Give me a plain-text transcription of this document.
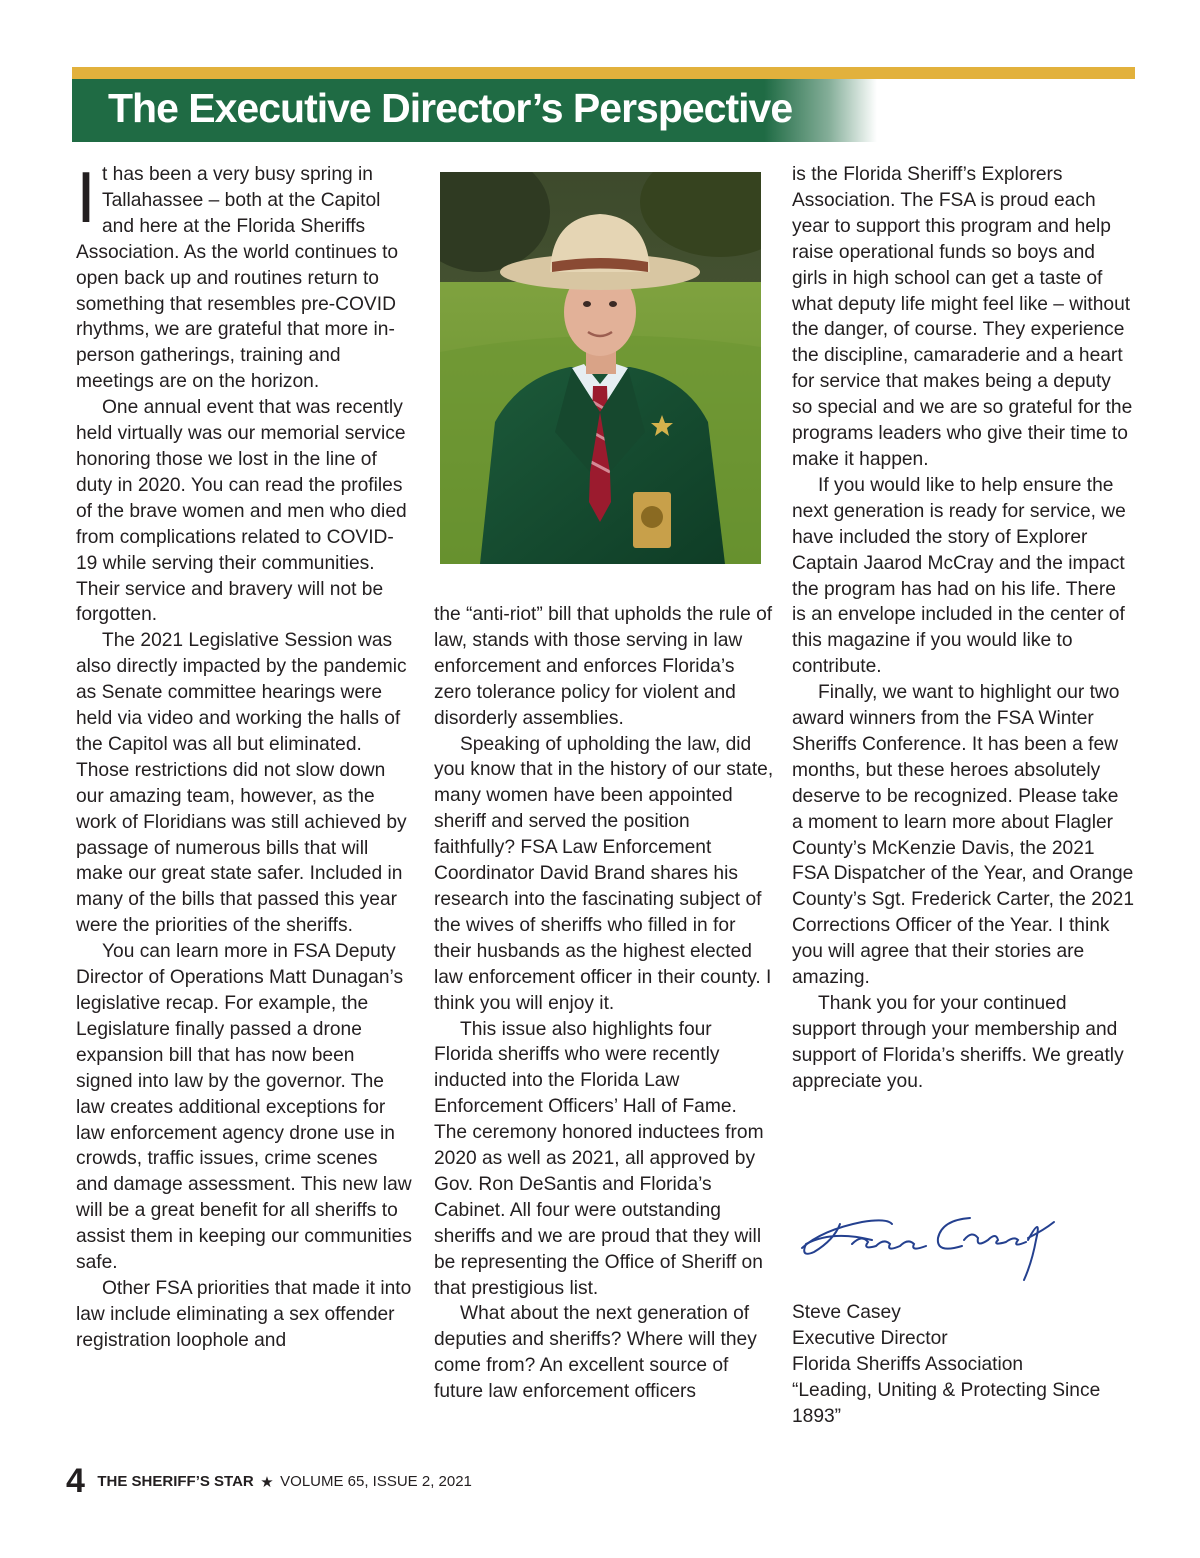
The Executive Director’s Perspective
I t has been a very busy spring in Tallahassee – both at the Capitol and here at the Florida Sheriffs Association. As the world continues to open back up and routines return to something that resembles pre-COVID rhythms, we are grateful that more in-person gatherings, training and meetings are on the horizon.

One annual event that was recently held virtually was our memorial service honoring those we lost in the line of duty in 2020. You can read the profiles of the brave women and men who died from complications related to COVID-19 while serving their communities. Their service and bravery will not be forgotten.

The 2021 Legislative Session was also directly impacted by the pandemic as Senate committee hearings were held via video and working the halls of the Capitol was all but eliminated. Those restrictions did not slow down our amazing team, however, as the work of Floridians was still achieved by passage of numerous bills that will make our great state safer. Included in many of the bills that passed this year were the priorities of the sheriffs.

You can learn more in FSA Deputy Director of Operations Matt Dunagan’s legislative recap. For example, the Legislature finally passed a drone expansion bill that has now been signed into law by the governor. The law creates additional exceptions for law enforcement agency drone use in crowds, traffic issues, crime scenes and damage assessment. This new law will be a great benefit for all sheriffs to assist them in keeping our communities safe.

Other FSA priorities that made it into law include eliminating a sex offender registration loophole and

the “anti-riot” bill that upholds the rule of law, stands with those serving in law enforcement and enforces Florida’s zero tolerance policy for violent and disorderly assemblies.

Speaking of upholding the law, did you know that in the history of our state, many women have been appointed sheriff and served the position faithfully? FSA Law Enforcement Coordinator David Brand shares his research into the fascinating subject of the wives of sheriffs who filled in for their husbands as the highest elected law enforcement officer in their county. I think you will enjoy it.

This issue also highlights four Florida sheriffs who were recently inducted into the Florida Law Enforcement Officers’ Hall of Fame. The ceremony honored inductees from 2020 as well as 2021, all approved by Gov. Ron DeSantis and Florida’s Cabinet. All four were outstanding sheriffs and we are proud that they will be representing the Office of Sheriff on that prestigious list.

What about the next generation of deputies and sheriffs? Where will they come from? An excellent source of future law enforcement officers

is the Florida Sheriff’s Explorers Association. The FSA is proud each year to support this program and help raise operational funds so boys and girls in high school can get a taste of what deputy life might feel like – without the danger, of course. They experience the discipline, camaraderie and a heart for service that makes being a deputy so special and we are so grateful for the programs leaders who give their time to make it happen.

If you would like to help ensure the next generation is ready for service, we have included the story of Explorer Captain Jaarod McCray and the impact the program has had on his life. There is an envelope included in the center of this magazine if you would like to contribute.

Finally, we want to highlight our two award winners from the FSA Winter Sheriffs Conference. It has been a few months, but these heroes absolutely deserve to be recognized. Please take a moment to learn more about Flagler County’s McKenzie Davis, the 2021 FSA Dispatcher of the Year, and Orange County’s Sgt. Frederick Carter, the 2021 Corrections Officer of the Year. I think you will agree that their stories are amazing.

Thank you for your continued support through your membership and support of Florida’s sheriffs. We greatly appreciate you.

Steve Casey
Executive Director
Florida Sheriffs Association
“Leading, Uniting & Protecting Since 1893”
4 THE SHERIFF’S STAR ★ VOLUME 65, ISSUE 2, 2021
